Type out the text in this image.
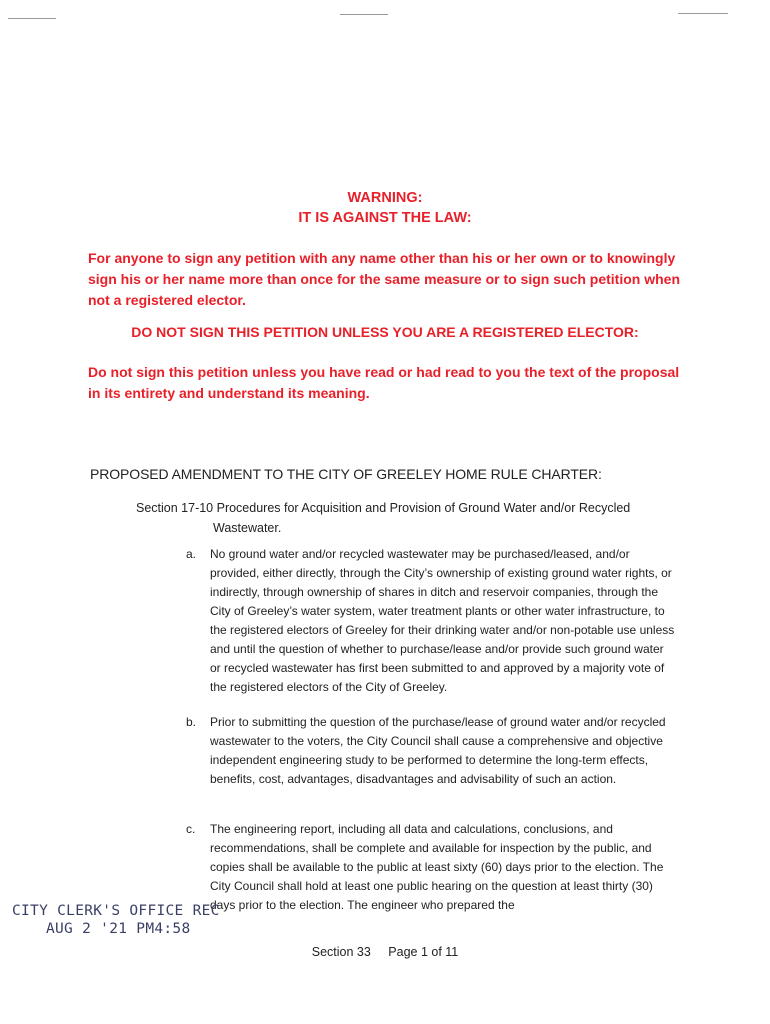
WARNING:
IT IS AGAINST THE LAW:
For anyone to sign any petition with any name other than his or her own or to knowingly sign his or her name more than once for the same measure or to sign such petition when not a registered elector.
DO NOT SIGN THIS PETITION UNLESS YOU ARE A REGISTERED ELECTOR:
Do not sign this petition unless you have read or had read to you the text of the proposal in its entirety and understand its meaning.
PROPOSED AMENDMENT TO THE CITY OF GREELEY HOME RULE CHARTER:
Section 17-10 Procedures for Acquisition and Provision of Ground Water and/or Recycled
Wastewater.
a.	No ground water and/or recycled wastewater may be purchased/leased, and/or provided, either directly, through the City’s ownership of existing ground water rights, or indirectly, through ownership of shares in ditch and reservoir companies, through the City of Greeley’s water system, water treatment plants or other water infrastructure, to the registered electors of Greeley for their drinking water and/or non-potable use unless and until the question of whether to purchase/lease and/or provide such ground water or recycled wastewater has first been submitted to and approved by a majority vote of the registered electors of the City of Greeley.
b.	Prior to submitting the question of the purchase/lease of ground water and/or recycled wastewater to the voters, the City Council shall cause a comprehensive and objective independent engineering study to be performed to determine the long-term effects, benefits, cost, advantages, disadvantages and advisability of such an action.
c.	The engineering report, including all data and calculations, conclusions, and recommendations, shall be complete and available for inspection by the public, and copies shall be available to the public at least sixty (60) days prior to the election. The City Council shall hold at least one public hearing on the question at least thirty (30) days prior to the election. The engineer who prepared the
CITY CLERK'S OFFICE REC
AUG 2 '21 PM4:58
Section 33 Page 1 of 11
